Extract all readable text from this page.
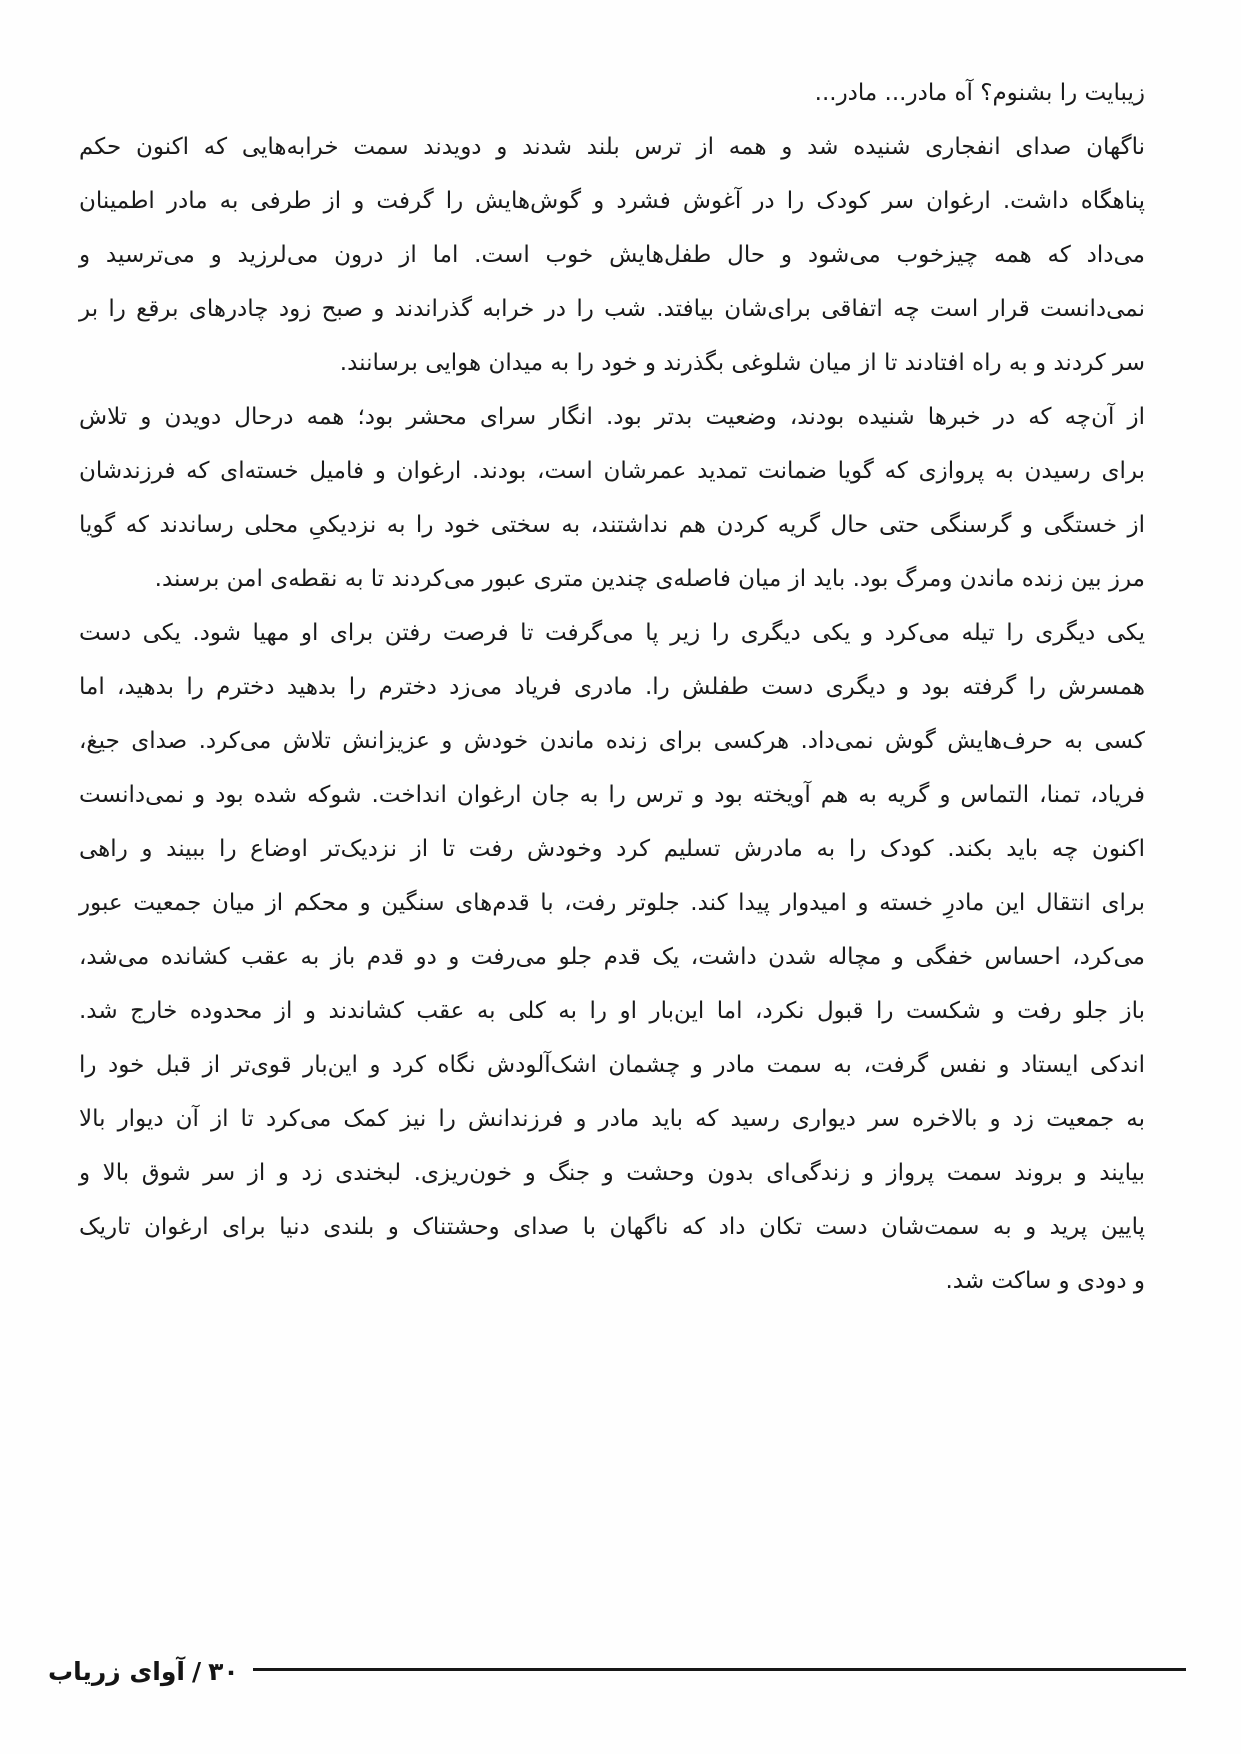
زیبایت را بشنوم؟ آه مادر... مادر...

ناگهان صدای انفجاری شنیده شد و همه از ترس بلند شدند و دویدند سمت خرابه‌هایی که اکنون حکم
پناهگاه داشت. ارغوان سر کودک را در آغوش فشرد و گوش‌هایش را گرفت و از طرفی به مادر اطمینان
می‌داد که همه چیزخوب می‌شود و حال طفل‌هایش خوب است. اما از درون می‌لرزید و می‌ترسید و
نمی‌دانست قرار است چه اتفاقی برای‌شان بیافتد. شب را در خرابه گذراندند و صبح زود چادرهای برقع را بر
سر کردند و به راه افتادند تا از میان شلوغی بگذرند و خود را به میدان هوایی برسانند.

از آن‌چه که در خبرها شنیده بودند، وضعیت بدتر بود. انگار سرای محشر بود؛ همه درحال دویدن و تلاش
برای رسیدن به پروازی که گویا ضمانت تمدید عمرشان است، بودند. ارغوان و فامیل خسته‌ای که فرزندشان
از خستگی و گرسنگی حتی حال گریه کردن هم نداشتند، به سختی خود را به نزدیکیِ محلی رساندند که گویا
مرز بین زنده ماندن ومرگ بود. باید از میان فاصله‌ی چندین متری عبور می‌کردند تا به نقطه‌ی امن برسند.

یکی دیگری را تیله می‌کرد و یکی دیگری را زیر پا می‌گرفت تا فرصت رفتن برای او مهیا شود. یکی دست
همسرش را گرفته بود و دیگری دست طفلش را. مادری فریاد می‌زد دخترم را بدهید دخترم را بدهید، اما
کسی به حرف‌هایش گوش نمی‌داد. هرکسی برای زنده ماندن خودش و عزیزانش تلاش می‌کرد. صدای جیغ،
فریاد، تمنا، التماس و گریه به هم آویخته بود و ترس را به جان ارغوان انداخت. شوکه شده بود و نمی‌دانست
اکنون چه باید بکند. کودک را به مادرش تسلیم کرد وخودش رفت تا از نزدیک‌تر اوضاع را ببیند و راهی
برای انتقال این مادرِ خسته و امیدوار پیدا کند. جلوتر رفت، با قدم‌های سنگین و محکم از میان جمعیت عبور
می‌کرد، احساس خفگی و مچاله شدن داشت، یک قدم جلو می‌رفت و دو قدم باز به عقب کشانده می‌شد،
باز جلو رفت و شکست را قبول نکرد، اما این‌بار او را به کلی به عقب کشاندند و از محدوده خارج شد.
اندکی ایستاد و نفس گرفت، به سمت مادر و چشمان اشک‌آلودش نگاه کرد و این‌بار قوی‌تر از قبل خود را
به جمعیت زد و بالاخره سر دیواری رسید که باید مادر و فرزندانش را نیز کمک می‌کرد تا از آن دیوار بالا
بیایند و بروند سمت پرواز و زندگی‌ای بدون وحشت و جنگ و خون‌ریزی. لبخندی زد و از سر شوق بالا و
پایین پرید و به سمت‌شان دست تکان داد که ناگهان با صدای وحشتناک و بلندی دنیا برای ارغوان تاریک
و دودی و ساکت شد.

۳۰/آوای زریاب
